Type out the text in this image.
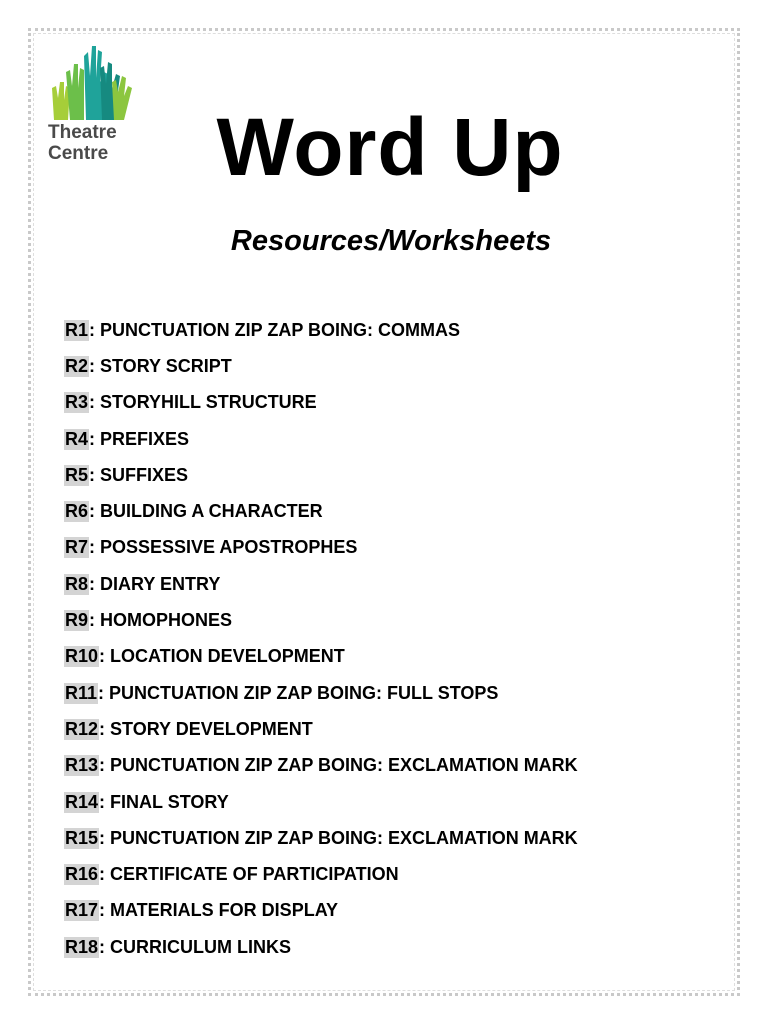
Theatre
Centre	Word Up
Resources/Worksheets
R1 : PUNCTUATION ZIP ZAP BOING: COMMAS
R2 : STORY SCRIPT
R3 : STORYHILL STRUCTURE
R4 : PREFIXES
R5 : SUFFIXES
R6 : BUILDING A CHARACTER
R7 : POSSESSIVE APOSTROPHES
R8 : DIARY ENTRY
R9 : HOMOPHONES
R10 : LOCATION DEVELOPMENT
R11 : PUNCTUATION ZIP ZAP BOING: FULL STOPS
R12 : STORY DEVELOPMENT
R13 : PUNCTUATION ZIP ZAP BOING: EXCLAMATION MARK
R14 : FINAL STORY
R15 : PUNCTUATION ZIP ZAP BOING: EXCLAMATION MARK
R16 : CERTIFICATE OF PARTICIPATION
R17 : MATERIALS FOR DISPLAY
R18 : CURRICULUM LINKS
